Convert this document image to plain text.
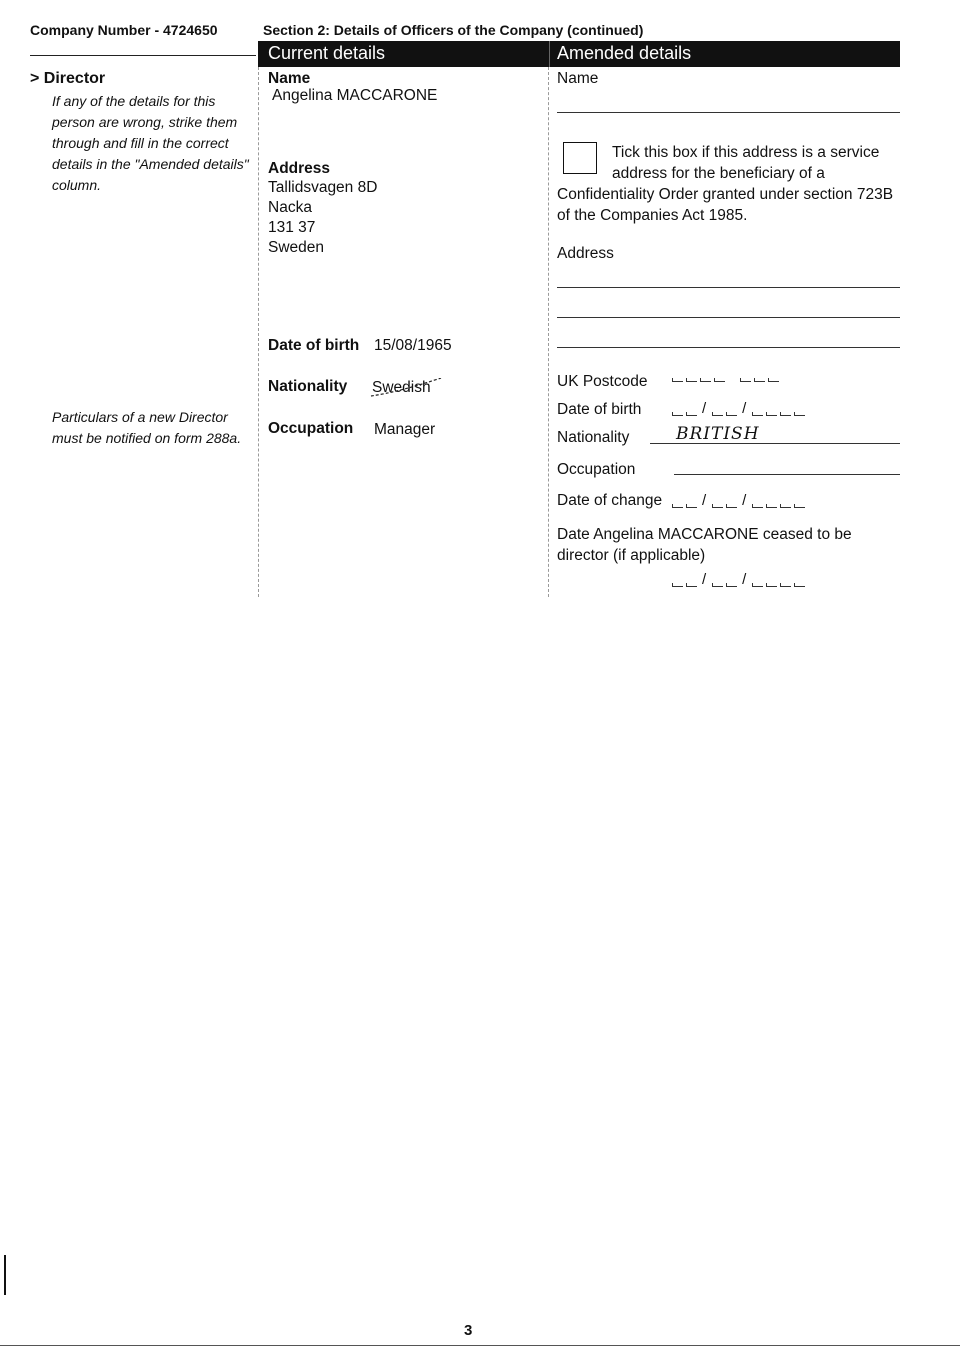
Company Number - 4724650	Section 2: Details of Officers of the Company (continued)
Current details	Amended details
> Director
If any of the details for this person are wrong, strike them through and fill in the correct details in the "Amended details" column.
Particulars of a new Director must be notified on form 288a.
Name
Angelina MACCARONE
Address
Tallidsvagen 8D
Nacka
131 37
Sweden
Date of birth 15/08/1965
Nationality Swedish
Occupation Manager
Name
Tick this box if this address is a service address for the beneficiary of a
Confidentiality Order granted under section 723B of the Companies Act 1985.
Address
UK Postcode
Date of birth	/ /
Nationality	BRITISH
Occupation
Date of change	/ /
Date Angelina MACCARONE ceased to be director (if applicable)
/ /
3
